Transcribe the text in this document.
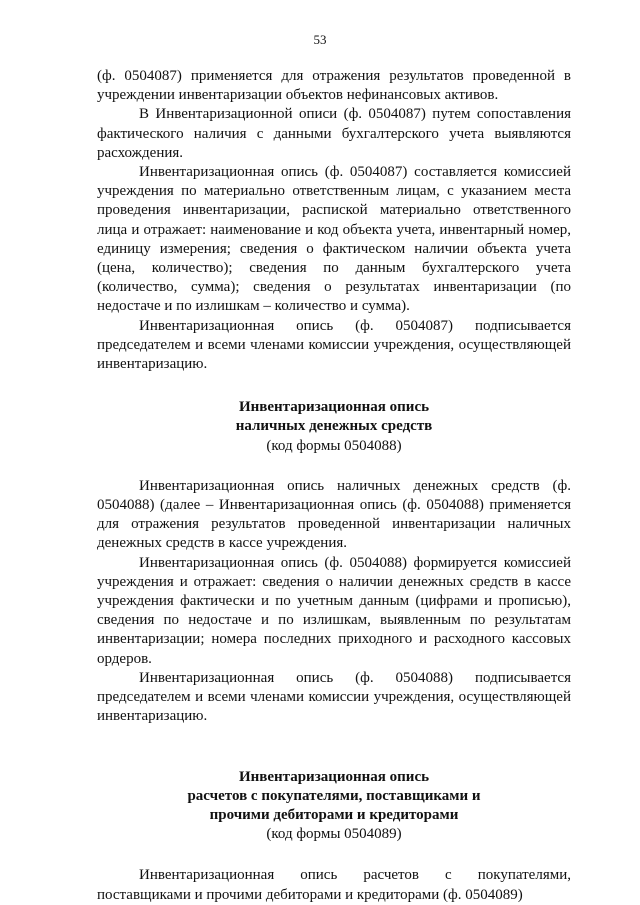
53

(ф. 0504087) применяется для отражения результатов проведенной в учреждении инвентаризации объектов нефинансовых активов.

В Инвентаризационной описи (ф. 0504087) путем сопоставления фактического наличия с данными бухгалтерского учета выявляются расхождения.

Инвентаризационная опись (ф. 0504087) составляется комиссией учреждения по материально ответственным лицам, с указанием места проведения инвентаризации, распиской материально ответственного лица и отражает: наименование и код объекта учета, инвентарный номер, единицу измерения; сведения о фактическом наличии объекта учета (цена, количество); сведения по данным бухгалтерского учета (количество, сумма); сведения о результатах инвентаризации (по недостаче и по излишкам – количество и сумма).

Инвентаризационная опись (ф. 0504087) подписывается председателем и всеми членами комиссии учреждения, осуществляющей инвентаризацию.

Инвентаризационная опись
наличных денежных средств
(код формы 0504088)

Инвентаризационная опись наличных денежных средств (ф. 0504088) (далее – Инвентаризационная опись (ф. 0504088) применяется для отражения результатов проведенной инвентаризации наличных денежных средств в кассе учреждения.

Инвентаризационная опись (ф. 0504088) формируется комиссией учреждения и отражает: сведения о наличии денежных средств в кассе учреждения фактически и по учетным данным (цифрами и прописью), сведения по недостаче и по излишкам, выявленным по результатам инвентаризации; номера последних приходного и расходного кассовых ордеров.

Инвентаризационная опись (ф. 0504088) подписывается председателем и всеми членами комиссии учреждения, осуществляющей инвентаризацию.

Инвентаризационная опись
расчетов с покупателями, поставщиками и
прочими дебиторами и кредиторами
(код формы 0504089)

Инвентаризационная опись расчетов с покупателями, поставщиками и прочими дебиторами и кредиторами (ф. 0504089)
